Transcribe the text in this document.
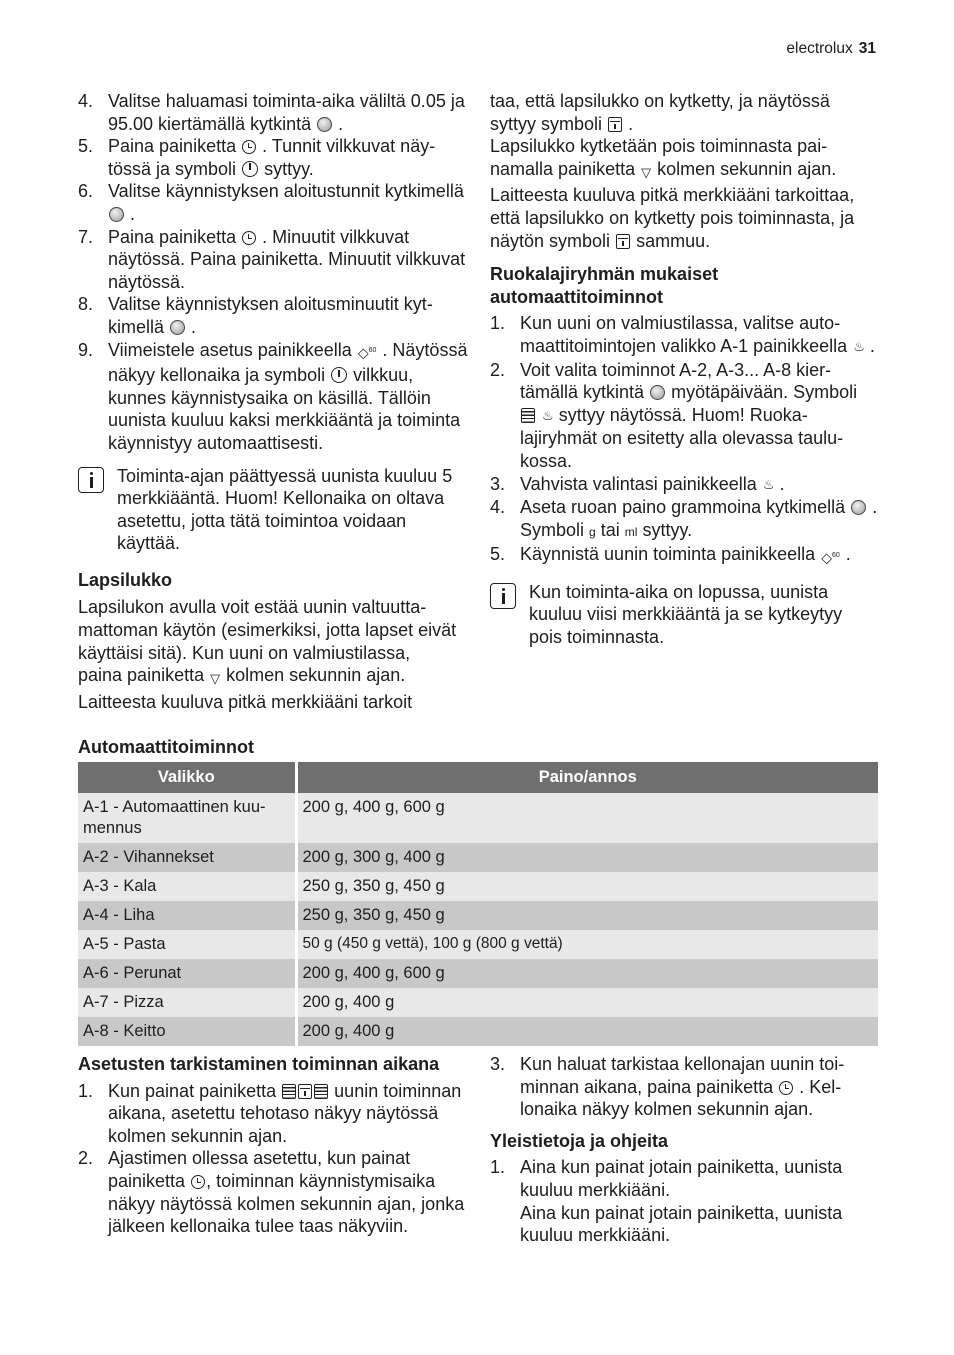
electrolux 31
4. Valitse haluamasi toiminta-aika väliltä 0.05 ja 95.00 kiertämällä kytkintä .
5. Paina painiketta . Tunnit vilkkuvat näytössä ja symboli syttyy.
6. Valitse käynnistyksen aloitustunnit kytkimellä  .
7. Paina painiketta . Minuutit vilkkuvat näytössä. Paina painiketta. Minuutit vilkkuvat näytössä.
8. Valitse käynnistyksen aloitusminuutit kytkimellä .
9. Viimeistele asetus painikkeella ◇$^{60}$ . Näytössä näkyy kellonaika ja symboli vilkkuu, kunnes käynnistysaika on käsillä. Tällöin uunista kuuluu kaksi merkkiääntä ja toiminta käynnistyy automaattisesti.
Toiminta-ajan päättyessä uunista kuuluu 5 merkkiääntä. Huom! Kellonaika on oltava asetettu, jotta tätä toimintoa voidaan käyttää.
Lapsilukko

Lapsilukon avulla voit estää uunin valtuuttamattoman käytön (esimerkiksi, jotta lapset eivät käyttäisi sitä). Kun uuni on valmiustilassa,

paina painiketta ▽ kolmen sekunnin ajan.

Laitteesta kuuluva pitkä merkkiääni tarkoit

taa, että lapsilukko on kytketty, ja näytössä syttyy symboli .

Lapsilukko kytketään pois toiminnasta painamalla painiketta ▽ kolmen sekunnin ajan. Laitteesta kuuluva pitkä merkkiääni tarkoittaa, että lapsilukko on kytketty pois toiminnasta, ja näytön symboli sammuu.

Ruokalajiryhmän mukaiset automaattitoiminnot
1. Kun uuni on valmiustilassa, valitse automaattitoimintojen valikko A-1 painikkeella ♨ .
2. Voit valita toiminnot A-2, A-3... A-8 kiertämällä kytkintä myötäpäivään. Symboli  ♨ syttyy näytössä. Huom! Ruokalajiryhmät on esitetty alla olevassa taulukossa.
3. Vahvista valintasi painikkeella ♨ .
4. Aseta ruoan paino grammoina kytkimellä . Symboli g tai ml syttyy.
5. Käynnistä uunin toiminta painikkeella ◇$^{60}$ .
Kun toiminta-aika on lopussa, uunista kuuluu viisi merkkiääntä ja se kytkeytyy pois toiminnasta.
Automaattitoiminnot
Valikko	Paino/annos
A-1 - Automaattinen kuumennus	200 g, 400 g, 600 g
A-2 - Vihannekset	200 g, 300 g, 400 g
A-3 - Kala	250 g, 350 g, 450 g
A-4 - Liha	250 g, 350 g, 450 g
A-5 - Pasta	50 g (450 g vettä), 100 g (800 g vettä)
A-6 - Perunat	200 g, 400 g, 600 g
A-7 - Pizza	200 g, 400 g
A-8 - Keitto	200 g, 400 g
Asetusten tarkistaminen toiminnan aikana
1. Kun painat painiketta	uunin toiminnan aikana, asetettu tehotaso näkyy näytössä kolmen sekunnin ajan.
2. Ajastimen ollessa asetettu, kun painat painiketta , toiminnan käynnistymisaika näkyy näytössä kolmen sekunnin ajan, jonka jälkeen kellonaika tulee taas näkyviin.
3. Kun haluat tarkistaa kellonajan uunin toiminnan aikana, paina painiketta . Kellonaika näkyy kolmen sekunnin ajan.
Yleistietoja ja ohjeita
1. Aina kun painat jotain painiketta, uunista kuuluu merkkiääni.
Aina kun painat jotain painiketta, uunista kuuluu merkkiääni.
